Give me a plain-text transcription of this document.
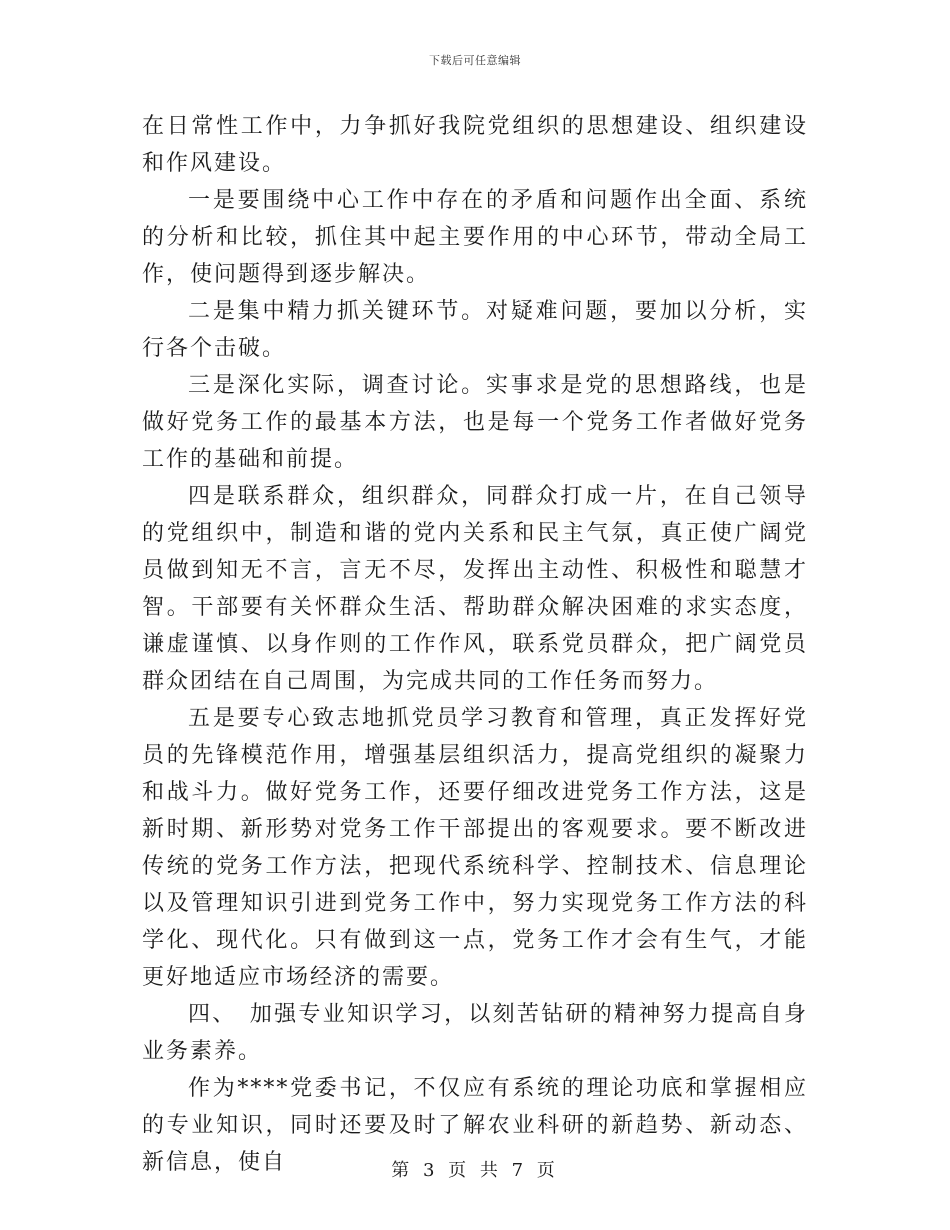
下载后可任意编辑

在日常性工作中，力争抓好我院党组织的思想建设、组织建设和作风建设。

一是要围绕中心工作中存在的矛盾和问题作出全面、系统的分析和比较，抓住其中起主要作用的中心环节，带动全局工作，使问题得到逐步解决。

二是集中精力抓关键环节。对疑难问题，要加以分析，实行各个击破。

三是深化实际，调查讨论。实事求是党的思想路线，也是做好党务工作的最基本方法，也是每一个党务工作者做好党务工作的基础和前提。

四是联系群众，组织群众，同群众打成一片，在自己领导的党组织中，制造和谐的党内关系和民主气氛，真正使广阔党员做到知无不言，言无不尽，发挥出主动性、积极性和聪慧才智。干部要有关怀群众生活、帮助群众解决困难的求实态度，谦虚谨慎、以身作则的工作作风，联系党员群众，把广阔党员群众团结在自己周围，为完成共同的工作任务而努力。

五是要专心致志地抓党员学习教育和管理，真正发挥好党员的先锋模范作用，增强基层组织活力，提高党组织的凝聚力和战斗力。做好党务工作，还要仔细改进党务工作方法，这是新时期、新形势对党务工作干部提出的客观要求。要不断改进传统的党务工作方法，把现代系统科学、控制技术、信息理论以及管理知识引进到党务工作中，努力实现党务工作方法的科学化、现代化。只有做到这一点，党务工作才会有生气，才能更好地适应市场经济的需要。

四、　加强专业知识学习，以刻苦钻研的精神努力提高自身业务素养。

作为****党委书记，不仅应有系统的理论功底和掌握相应的专业知识，同时还要及时了解农业科研的新趋势、新动态、新信息，使自	第 3 页 共 7 页
